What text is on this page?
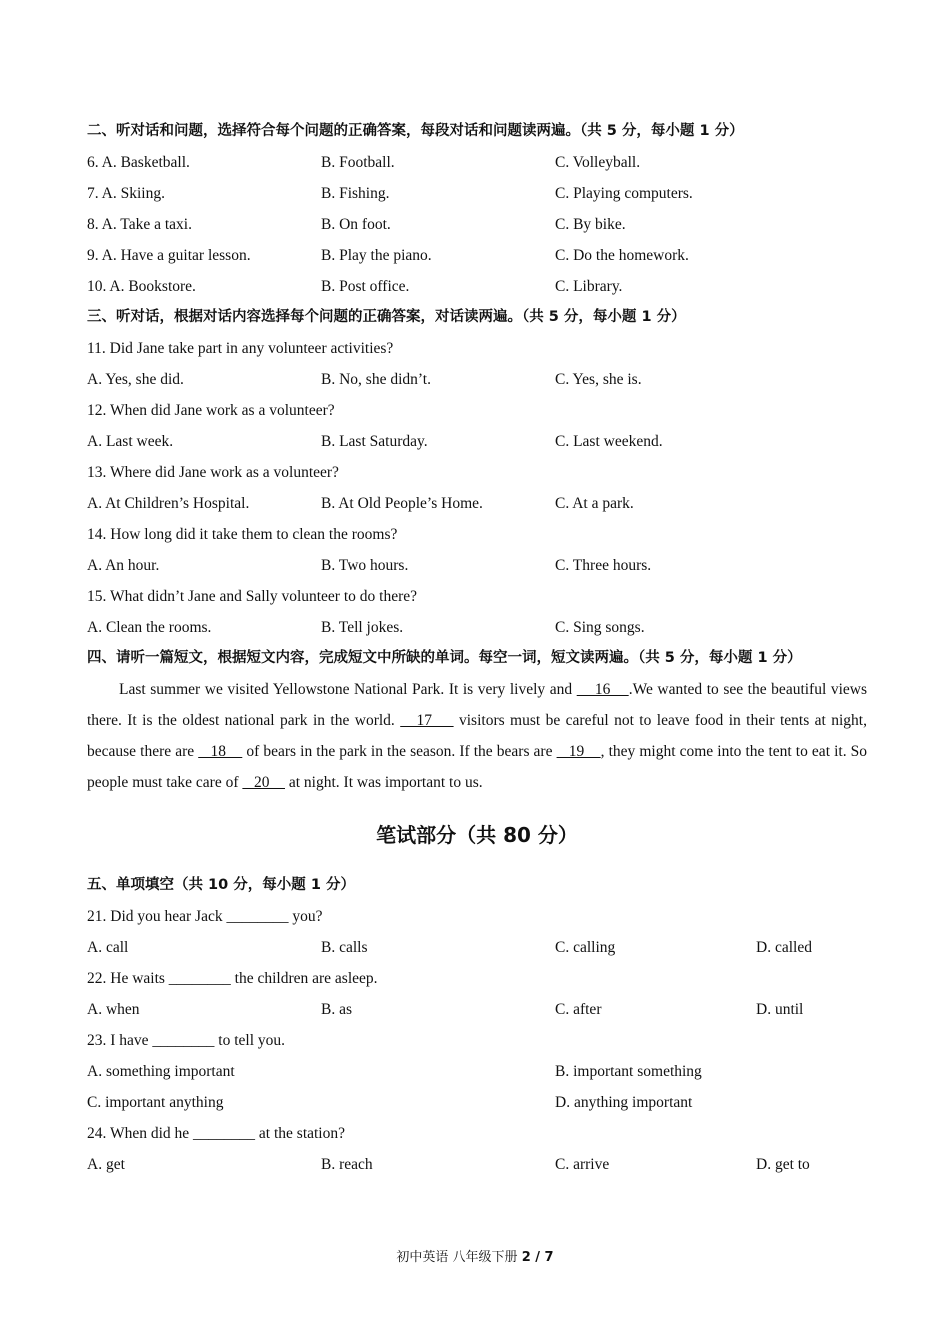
二、听对话和问题，选择符合每个问题的正确答案，每段对话和问题读两遍。（共 5 分，每小题 1 分）
6. A. Basketball.	B. Football.	C. Volleyball.
7. A. Skiing.	B. Fishing.	C. Playing computers.
8. A. Take a taxi.	B. On foot.	C. By bike.
9. A. Have a guitar lesson.	B. Play the piano.	C. Do the homework.
10. A. Bookstore.	B. Post office.	C. Library.
三、听对话，根据对话内容选择每个问题的正确答案，对话读两遍。（共 5 分，每小题 1 分）
11. Did Jane take part in any volunteer activities?
A. Yes, she did.	B. No, she didn’t.	C. Yes, she is.
12. When did Jane work as a volunteer?
A. Last week.	B. Last Saturday.	C. Last weekend.
13. Where did Jane work as a volunteer?
A. At Children’s Hospital.	B. At Old People’s Home.	C. At a park.
14. How long did it take them to clean the rooms?
A. An hour.	B. Two hours.	C. Three hours.
15. What didn’t Jane and Sally volunteer to do there?
A. Clean the rooms.	B. Tell jokes.	C. Sing songs.
四、请听一篇短文，根据短文内容，完成短文中所缺的单词。每空一词，短文读两遍。（共 5 分，每小题 1 分）

Last summer we visited Yellowstone National Park. It is very lively and     16    .We wanted to see the beautiful views there. It is the oldest national park in the world.    17     visitors must be careful not to leave food in their tents at night, because there are    18     of bears in the park in the season. If the bears are    19    , they might come into the tent to eat it. So people must take care of    20     at night. It was important to us.

笔试部分（共 80 分）
五、单项填空（共 10 分，每小题 1 分）
21. Did you hear Jack ________ you?
A. call	B. calls	C. calling	D. called
22. He waits ________ the children are asleep.
A. when	B. as	C. after	D. until
23. I have ________ to tell you.
A. something important	B. important something
C. important anything	D. anything important
24. When did he ________ at the station?
A. get	B. reach	C. arrive	D. get to
初中英语 八年级下册 2 / 7
